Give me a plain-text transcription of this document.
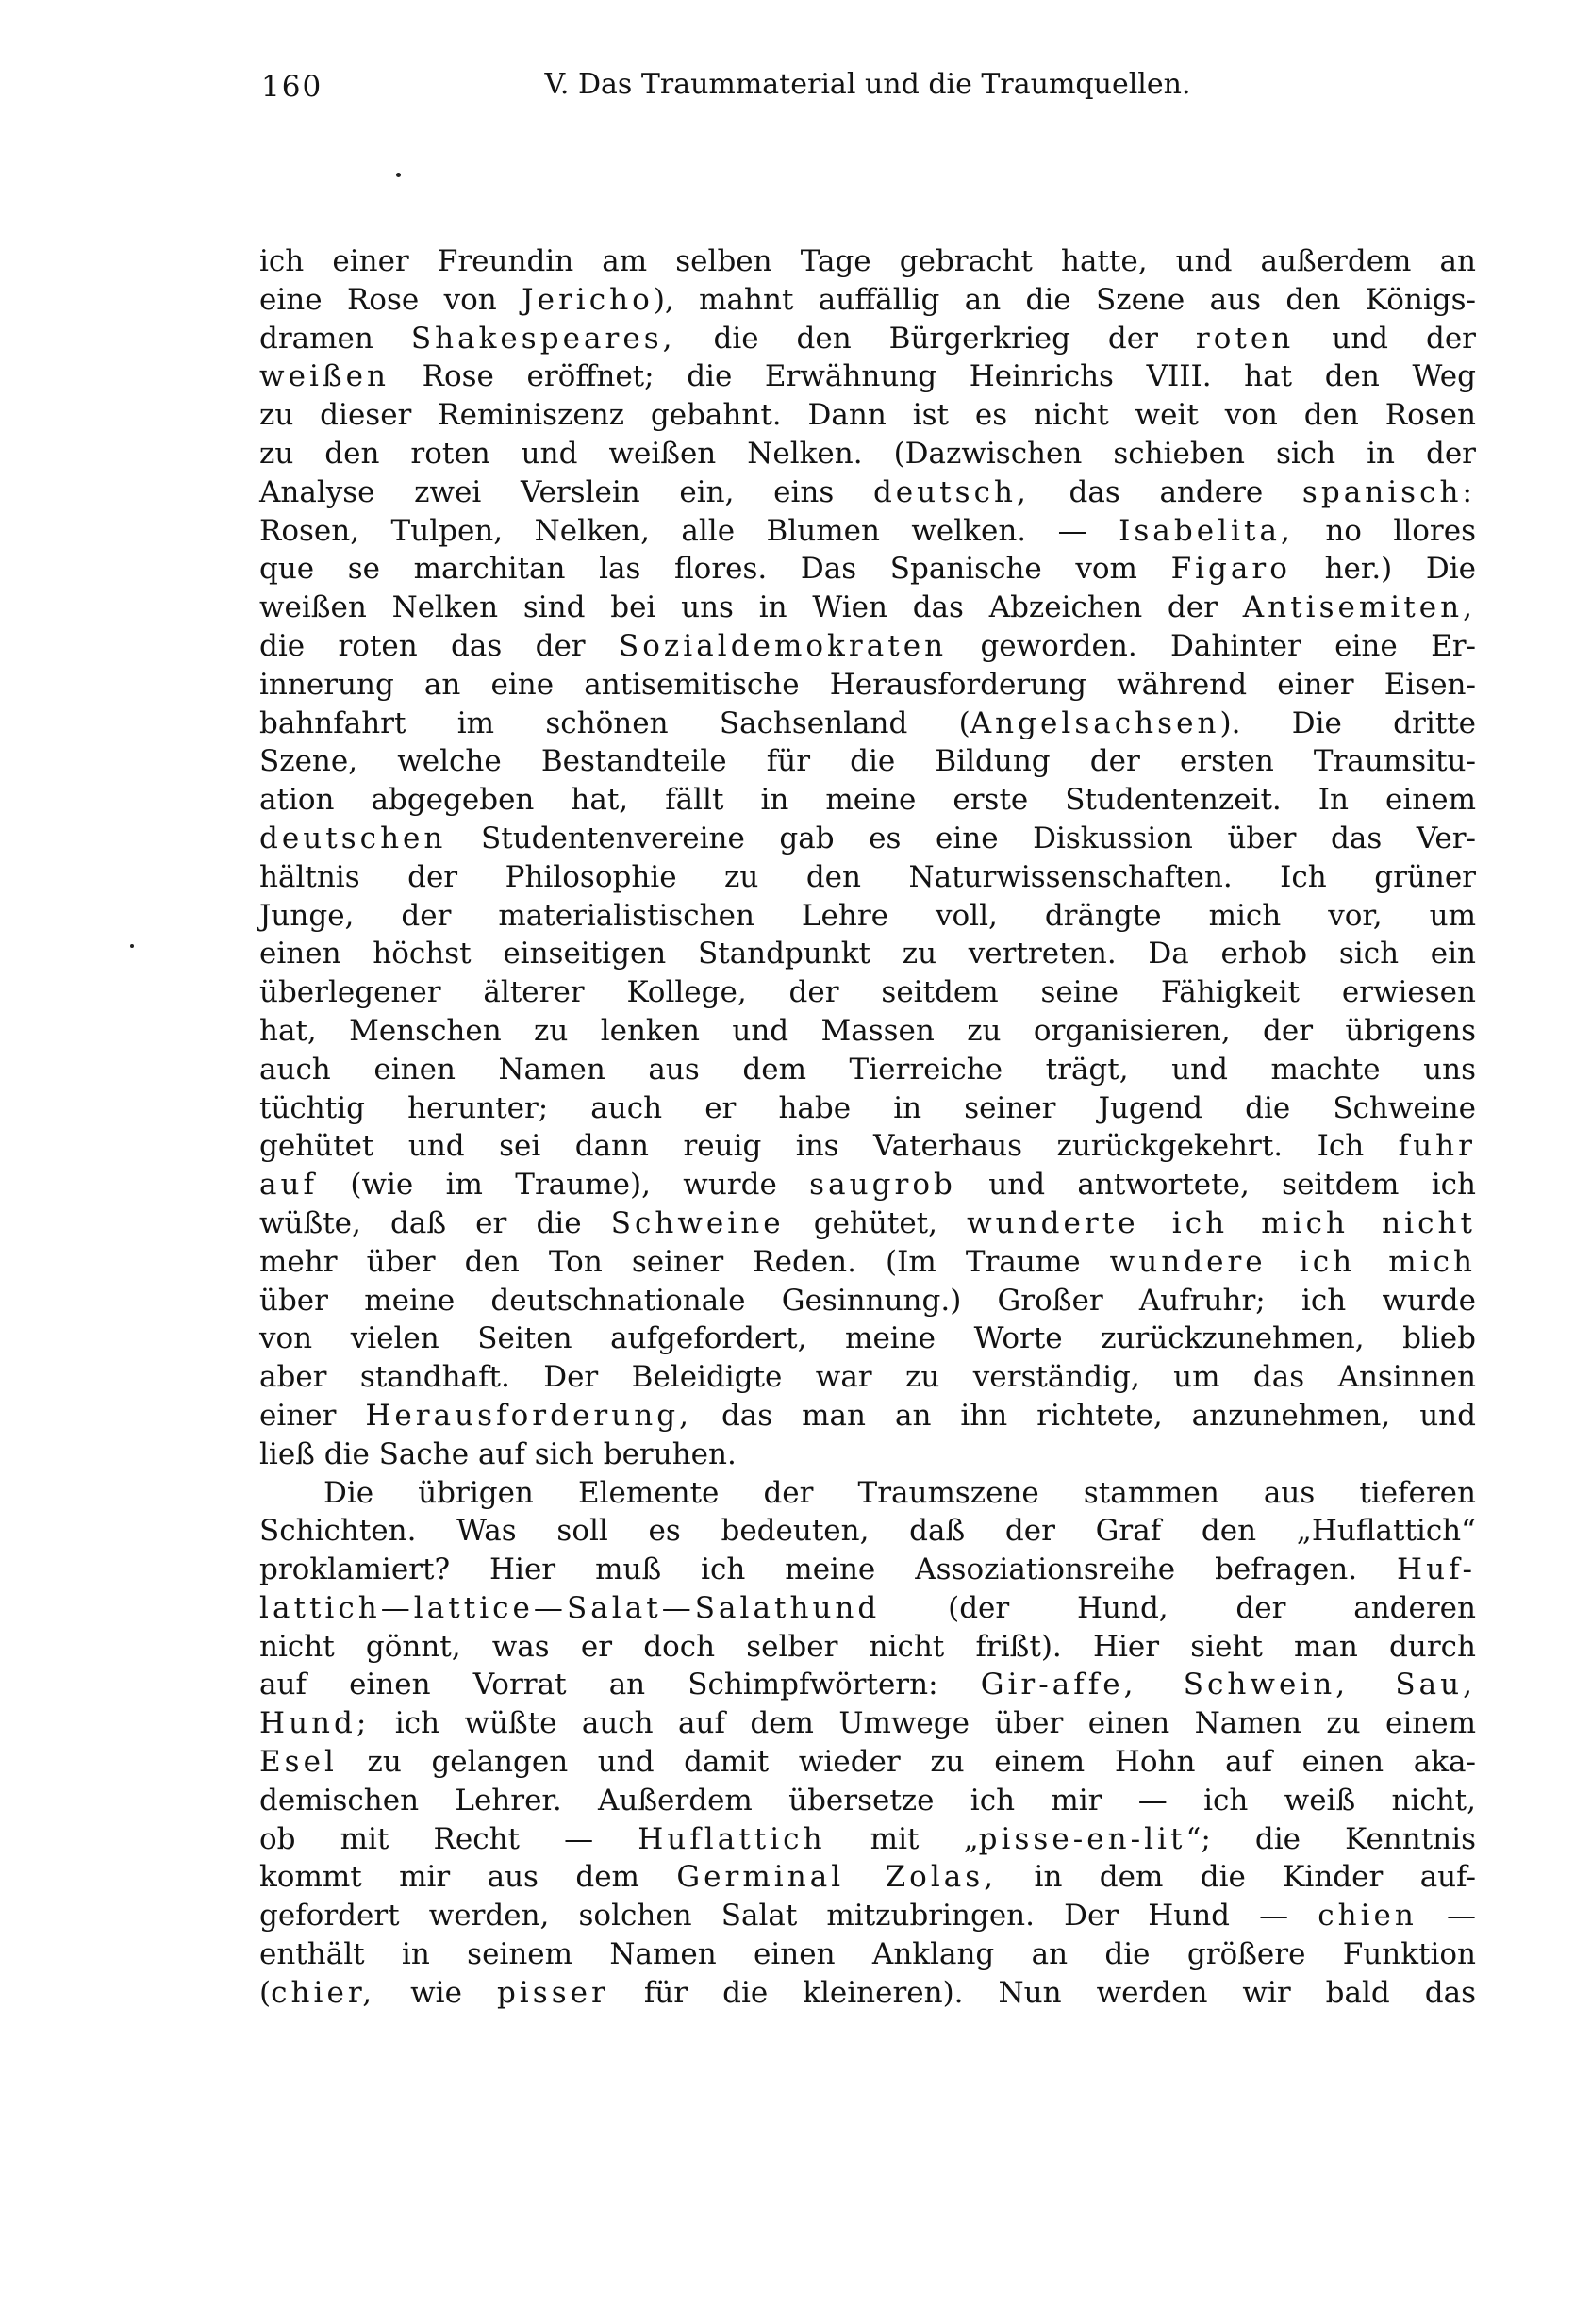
160	V. Das Traummaterial und die Traumquellen.
ich einer Freundin am selben Tage gebracht hatte, und außerdem an
eine Rose von Jericho), mahnt auffällig an die Szene aus den Königs-
dramen Shakespeares, die den Bürgerkrieg der roten und der
weißen Rose eröffnet; die Erwähnung Heinrichs VIII. hat den Weg
zu dieser Reminiszenz gebahnt. Dann ist es nicht weit von den Rosen
zu den roten und weißen Nelken. (Dazwischen schieben sich in der
Analyse zwei Verslein ein, eins deutsch, das andere spanisch:
Rosen, Tulpen, Nelken, alle Blumen welken. — Isabelita, no llores
que se marchitan las flores. Das Spanische vom Figaro her.) Die
weißen Nelken sind bei uns in Wien das Abzeichen der Antisemiten,
die roten das der Sozialdemokraten geworden. Dahinter eine Er-
innerung an eine antisemitische Herausforderung während einer Eisen-
bahnfahrt im schönen Sachsenland (Angelsachsen). Die dritte
Szene, welche Bestandteile für die Bildung der ersten Traumsitu-
ation abgegeben hat, fällt in meine erste Studentenzeit. In einem
deutschen Studentenvereine gab es eine Diskussion über das Ver-
hältnis der Philosophie zu den Naturwissenschaften. Ich grüner
Junge, der materialistischen Lehre voll, drängte mich vor, um
einen höchst einseitigen Standpunkt zu vertreten. Da erhob sich ein
überlegener älterer Kollege, der seitdem seine Fähigkeit erwiesen
hat, Menschen zu lenken und Massen zu organisieren, der übrigens
auch einen Namen aus dem Tierreiche trägt, und machte uns
tüchtig herunter; auch er habe in seiner Jugend die Schweine
gehütet und sei dann reuig ins Vaterhaus zurückgekehrt. Ich fuhr
auf (wie im Traume), wurde saugrob und antwortete, seitdem ich
wüßte, daß er die Schweine gehütet, wunderte ich mich nicht
mehr über den Ton seiner Reden. (Im Traume wundere ich mich
über meine deutschnationale Gesinnung.) Großer Aufruhr; ich wurde
von vielen Seiten aufgefordert, meine Worte zurückzunehmen, blieb
aber standhaft. Der Beleidigte war zu verständig, um das Ansinnen
einer Herausforderung, das man an ihn richtete, anzunehmen, und
ließ die Sache auf sich beruhen.
Die übrigen Elemente der Traumszene stammen aus tieferen
Schichten. Was soll es bedeuten, daß der Graf den „Huflattich“
proklamiert? Hier muß ich meine Assoziationsreihe befragen. Huf-
lattich—lattice—Salat—Salathund (der Hund, der anderen
nicht gönnt, was er doch selber nicht frißt). Hier sieht man durch
auf einen Vorrat an Schimpfwörtern: Gir-affe, Schwein, Sau,
Hund; ich wüßte auch auf dem Umwege über einen Namen zu einem
Esel zu gelangen und damit wieder zu einem Hohn auf einen aka-
demischen Lehrer. Außerdem übersetze ich mir — ich weiß nicht,
ob mit Recht — Huflattich mit „pisse-en-lit“; die Kenntnis
kommt mir aus dem Germinal Zolas, in dem die Kinder auf-
gefordert werden, solchen Salat mitzubringen. Der Hund — chien —
enthält in seinem Namen einen Anklang an die größere Funktion
(chier, wie pisser für die kleineren). Nun werden wir bald das
